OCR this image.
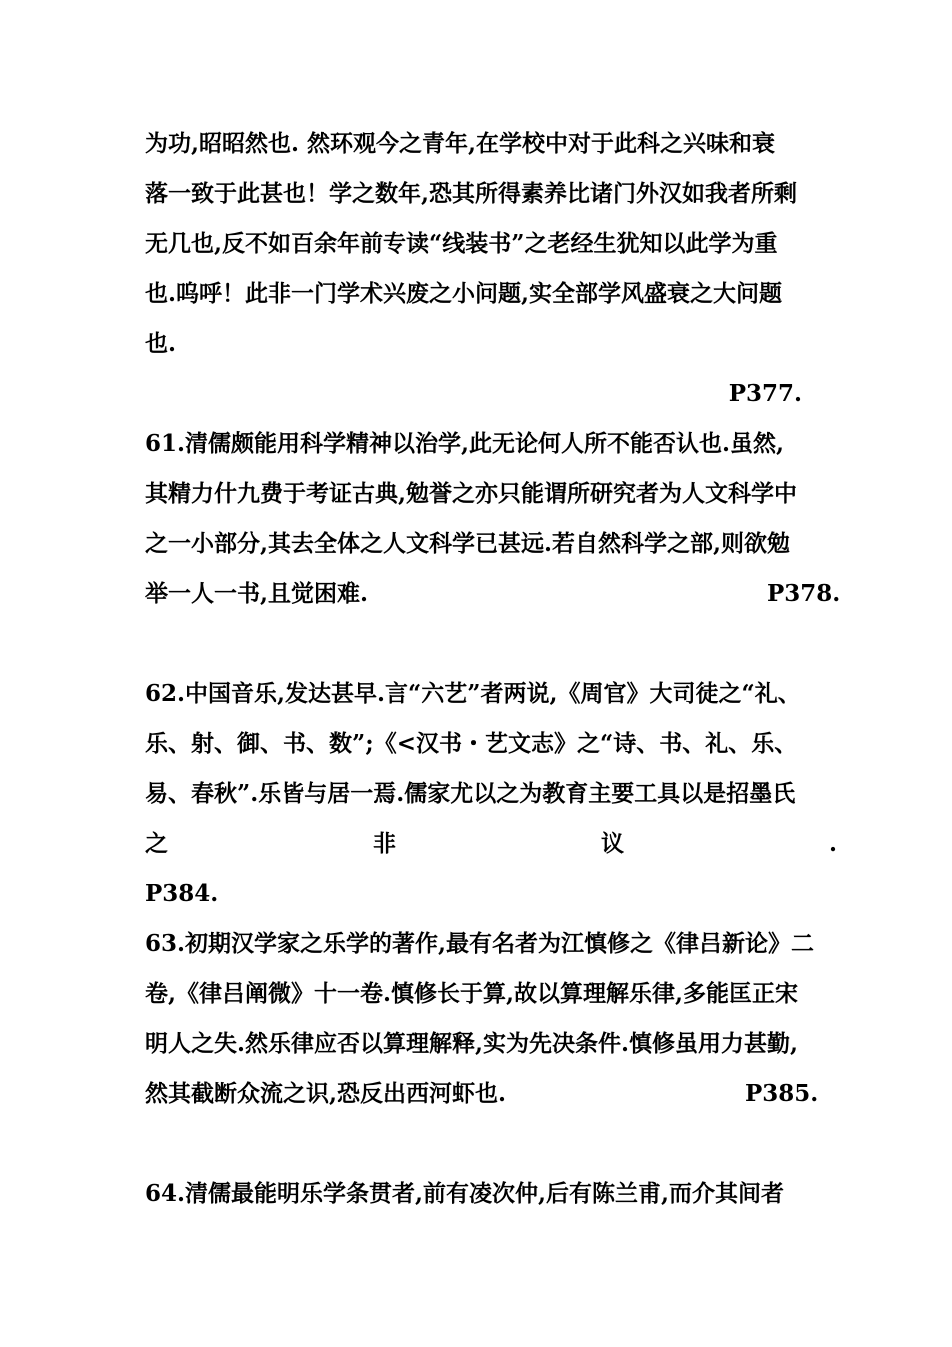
为功,昭昭然也. 然环观今之青年,在学校中对于此科之兴味和衰
落一致于此甚也！学之数年,恐其所得素养比诸门外汉如我者所剩
无几也,反不如百余年前专读“线装书”之老经生犹知以此学为重
也.呜呼！此非一门学术兴废之小问题,实全部学风盛衰之大问题
也.
P377.
61.清儒颇能用科学精神以治学,此无论何人所不能否认也.虽然,
其精力什九费于考证古典,勉誉之亦只能谓所研究者为人文科学中
之一小部分,其去全体之人文科学已甚远.若自然科学之部,则欲勉
举一人一书,且觉困难.	P378.
62.中国音乐,发达甚早.言“六艺”者两说,《周官》大司徒之“礼、
乐、射、御、书、数”;《<汉书・艺文志》之“诗、书、礼、乐、
易、春秋”.乐皆与居一焉.儒家尤以之为教育主要工具以是招墨氏
之	非	议	.
P384.
63.初期汉学家之乐学的著作,最有名者为江慎修之《律吕新论》二
卷,《律吕阐微》十一卷.慎修长于算,故以算理解乐律,多能匡正宋
明人之失.然乐律应否以算理解释,实为先决条件.慎修虽用力甚勤,
然其截断众流之识,恐反出西河虾也.	P385.
64.清儒最能明乐学条贯者,前有凌次仲,后有陈兰甫,而介其间者
